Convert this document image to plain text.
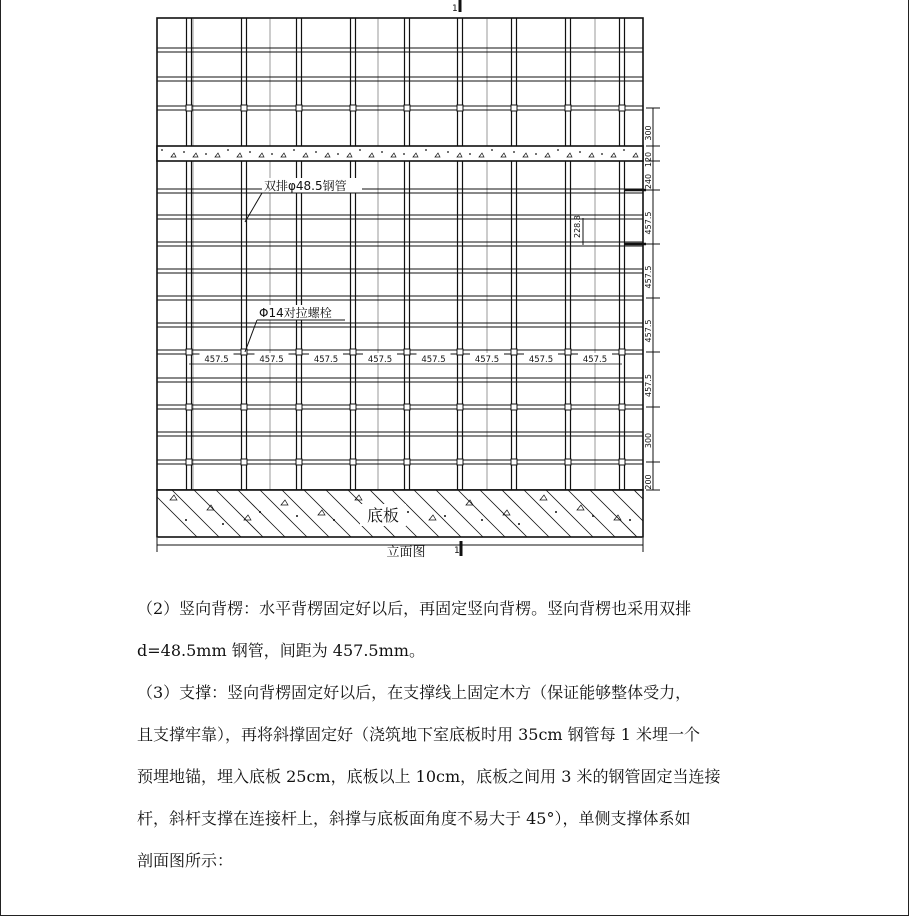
底板
立面图	1
1
300
120
240
457.5
457.5
457.5
457.5
300
200
228.8
457.5	457.5	457.5	457.5	457.5	457.5	457.5	457.5
双排φ48.5钢管
Φ14对拉螺栓

（2）竖向背楞：水平背楞固定好以后，再固定竖向背楞。竖向背楞也采用双排

d=48.5mm 钢管，间距为 457.5mm。

（3）支撑：竖向背楞固定好以后，在支撑线上固定木方（保证能够整体受力，

且支撑牢靠），再将斜撑固定好（浇筑地下室底板时用 35cm 钢管每 1 米埋一个

预埋地锚，埋入底板 25cm，底板以上 10cm，底板之间用 3 米的钢管固定当连接

杆，斜杆支撑在连接杆上，斜撑与底板面角度不易大于 45°），单侧支撑体系如

剖面图所示：
